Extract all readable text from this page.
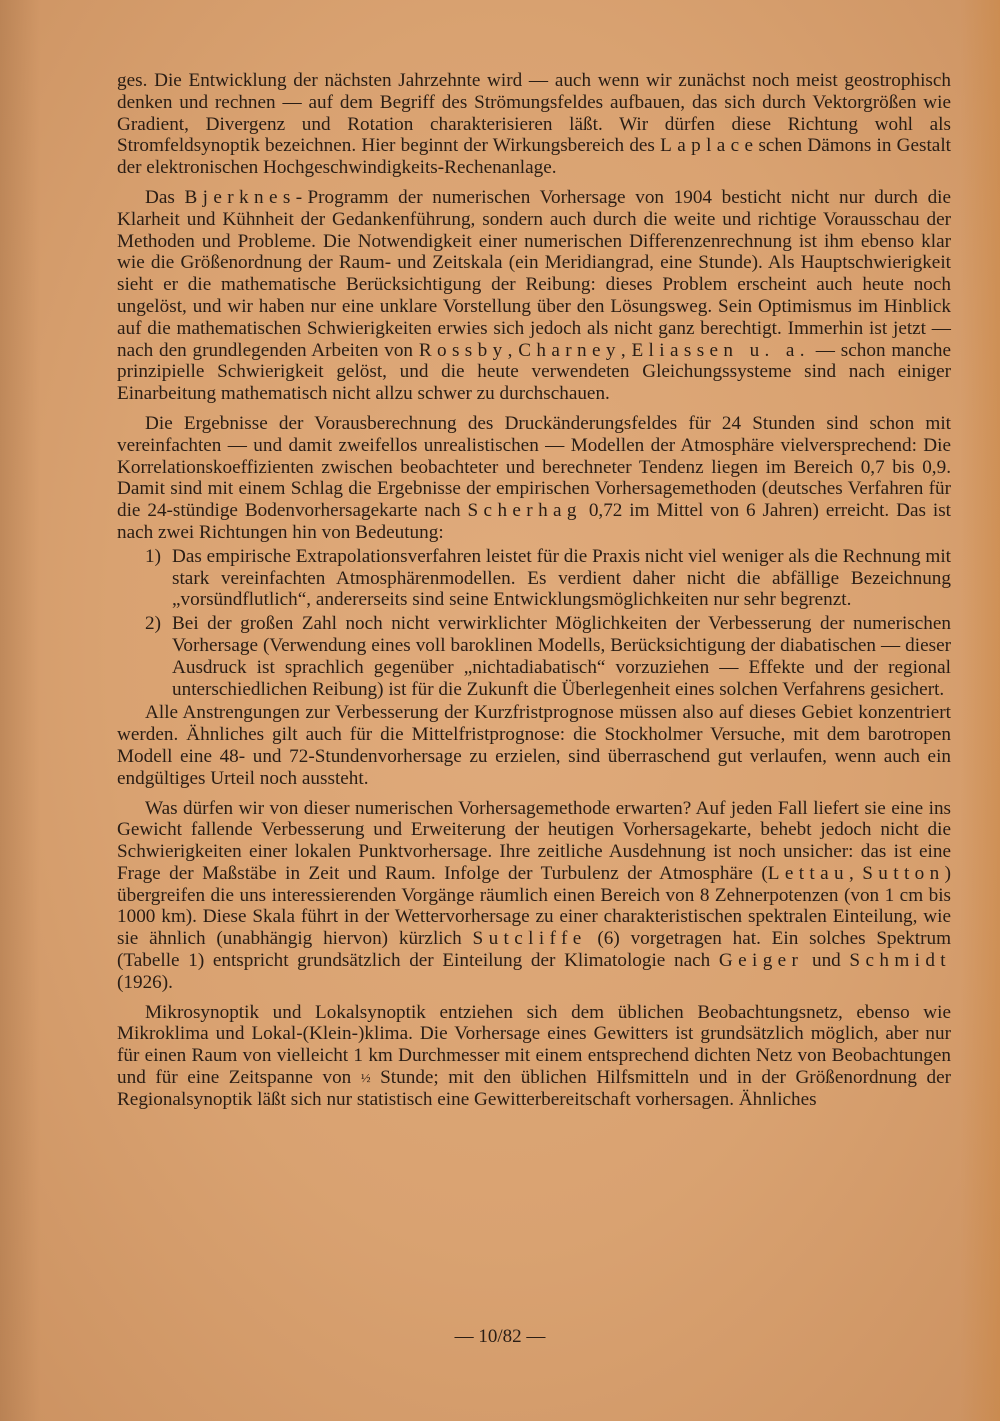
ges. Die Entwicklung der nächsten Jahrzehnte wird — auch wenn wir zunächst noch meist geostrophisch denken und rechnen — auf dem Begriff des Strömungsfeldes aufbauen, das sich durch Vektorgrößen wie Gradient, Divergenz und Rotation charakterisieren läßt. Wir dürfen diese Richtung wohl als Stromfeldsynoptik bezeichnen. Hier beginnt der Wirkungsbereich des Laplaceschen Dämons in Gestalt der elektronischen Hochgeschwindigkeits-Rechenanlage.

Das Bjerknes-Programm der numerischen Vorhersage von 1904 besticht nicht nur durch die Klarheit und Kühnheit der Gedankenführung, sondern auch durch die weite und richtige Vorausschau der Methoden und Probleme. Die Notwendigkeit einer numerischen Differenzenrechnung ist ihm ebenso klar wie die Größenordnung der Raum- und Zeitskala (ein Meridiangrad, eine Stunde). Als Hauptschwierigkeit sieht er die mathematische Berücksichtigung der Reibung: dieses Problem erscheint auch heute noch ungelöst, und wir haben nur eine unklare Vorstellung über den Lösungsweg. Sein Optimismus im Hinblick auf die mathematischen Schwierigkeiten erwies sich jedoch als nicht ganz berechtigt. Immerhin ist jetzt — nach den grundlegenden Arbeiten von Rossby, Charney, Eliassen u. a. — schon manche prinzipielle Schwierigkeit gelöst, und die heute verwendeten Gleichungssysteme sind nach einiger Einarbeitung mathematisch nicht allzu schwer zu durchschauen.

Die Ergebnisse der Vorausberechnung des Druckänderungsfeldes für 24 Stunden sind schon mit vereinfachten — und damit zweifellos unrealistischen — Modellen der Atmosphäre vielversprechend: Die Korrelationskoeffizienten zwischen beobachteter und berechneter Tendenz liegen im Bereich 0,7 bis 0,9. Damit sind mit einem Schlag die Ergebnisse der empirischen Vorhersagemethoden (deutsches Verfahren für die 24-stündige Bodenvorhersagekarte nach Scherhag 0,72 im Mittel von 6 Jahren) erreicht. Das ist nach zwei Richtungen hin von Bedeutung:

1) Das empirische Extrapolationsverfahren leistet für die Praxis nicht viel weniger als die Rechnung mit stark vereinfachten Atmosphärenmodellen. Es verdient daher nicht die abfällige Bezeichnung „vorsündflutlich“, andererseits sind seine Entwicklungsmöglichkeiten nur sehr begrenzt.
2) Bei der großen Zahl noch nicht verwirklichter Möglichkeiten der Verbesserung der numerischen Vorhersage (Verwendung eines voll baroklinen Modells, Berücksichtigung der diabatischen — dieser Ausdruck ist sprachlich gegenüber „nichtadiabatisch“ vorzuziehen — Effekte und der regional unterschiedlichen Reibung) ist für die Zukunft die Überlegenheit eines solchen Verfahrens gesichert.

Alle Anstrengungen zur Verbesserung der Kurzfristprognose müssen also auf dieses Gebiet konzentriert werden. Ähnliches gilt auch für die Mittelfristprognose: die Stockholmer Versuche, mit dem barotropen Modell eine 48- und 72-Stundenvorhersage zu erzielen, sind überraschend gut verlaufen, wenn auch ein endgültiges Urteil noch aussteht.

Was dürfen wir von dieser numerischen Vorhersagemethode erwarten? Auf jeden Fall liefert sie eine ins Gewicht fallende Verbesserung und Erweiterung der heutigen Vorhersagekarte, behebt jedoch nicht die Schwierigkeiten einer lokalen Punktvorhersage. Ihre zeitliche Ausdehnung ist noch unsicher: das ist eine Frage der Maßstäbe in Zeit und Raum. Infolge der Turbulenz der Atmosphäre (Lettau, Sutton) übergreifen die uns interessierenden Vorgänge räumlich einen Bereich von 8 Zehnerpotenzen (von 1 cm bis 1000 km). Diese Skala führt in der Wettervorhersage zu einer charakteristischen spektralen Einteilung, wie sie ähnlich (unabhängig hiervon) kürzlich Sutcliffe (6) vorgetragen hat. Ein solches Spektrum (Tabelle 1) entspricht grundsätzlich der Einteilung der Klimatologie nach Geiger und Schmidt (1926).

Mikrosynoptik und Lokalsynoptik entziehen sich dem üblichen Beobachtungsnetz, ebenso wie Mikroklima und Lokal-(Klein-)klima. Die Vorhersage eines Gewitters ist grundsätzlich möglich, aber nur für einen Raum von vielleicht 1 km Durchmesser mit einem entsprechend dichten Netz von Beobachtungen und für eine Zeitspanne von ½ Stunde; mit den üblichen Hilfsmitteln und in der Größenordnung der Regionalsynoptik läßt sich nur statistisch eine Gewitterbereitschaft vorhersagen. Ähnliches

— 10/82 —
